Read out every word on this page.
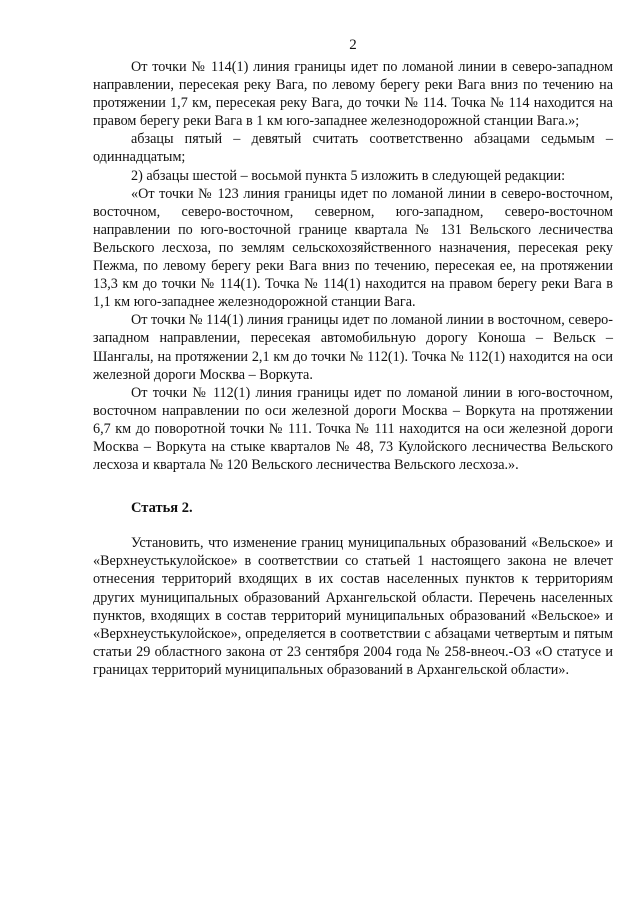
2

От точки № 114(1) линия границы идет по ломаной линии в северо-западном направлении, пересекая реку Вага, по левому берегу реки Вага вниз по течению на протяжении 1,7 км, пересекая реку Вага, до точки № 114. Точка № 114 находится на правом берегу реки Вага в 1 км юго-западнее железнодорожной станции Вага.»;

абзацы пятый – девятый считать соответственно абзацами седьмым – одиннадцатым;

2) абзацы шестой – восьмой пункта 5 изложить в следующей редакции:

«От точки № 123 линия границы идет по ломаной линии в северо-восточном, восточном, северо-восточном, северном, юго-западном, северо-восточном направлении по юго-восточной границе квартала № 131 Вельского лесничества Вельского лесхоза, по землям сельскохозяйственного назначения, пересекая реку Пежма, по левому берегу реки Вага вниз по течению, пересекая ее, на протяжении 13,3 км до точки № 114(1). Точка № 114(1) находится на правом берегу реки Вага в 1,1 км юго-западнее железнодорожной станции Вага.

От точки № 114(1) линия границы идет по ломаной линии в восточном, северо-западном направлении, пересекая автомобильную дорогу Коноша – Вельск – Шангалы, на протяжении 2,1 км до точки № 112(1). Точка № 112(1) находится на оси железной дороги Москва – Воркута.

От точки № 112(1) линия границы идет по ломаной линии в юго-восточном, восточном направлении по оси железной дороги Москва – Воркута на протяжении 6,7 км до поворотной точки № 111. Точка № 111 находится на оси железной дороги Москва – Воркута на стыке кварталов № 48, 73 Кулойского лесничества Вельского лесхоза и квартала № 120 Вельского лесничества Вельского лесхоза.».

Статья 2.

Установить, что изменение границ муниципальных образований «Вельское» и «Верхнеустькулойское» в соответствии со статьей 1 настоящего закона не влечет отнесения территорий входящих в их состав населенных пунктов к территориям других муниципальных образований Архангельской области. Перечень населенных пунктов, входящих в состав территорий муниципальных образований «Вельское» и «Верхнеустькулойское», определяется в соответствии с абзацами четвертым и пятым статьи 29 областного закона от 23 сентября 2004 года № 258-внеоч.-ОЗ «О статусе и границах территорий муниципальных образований в Архангельской области».
